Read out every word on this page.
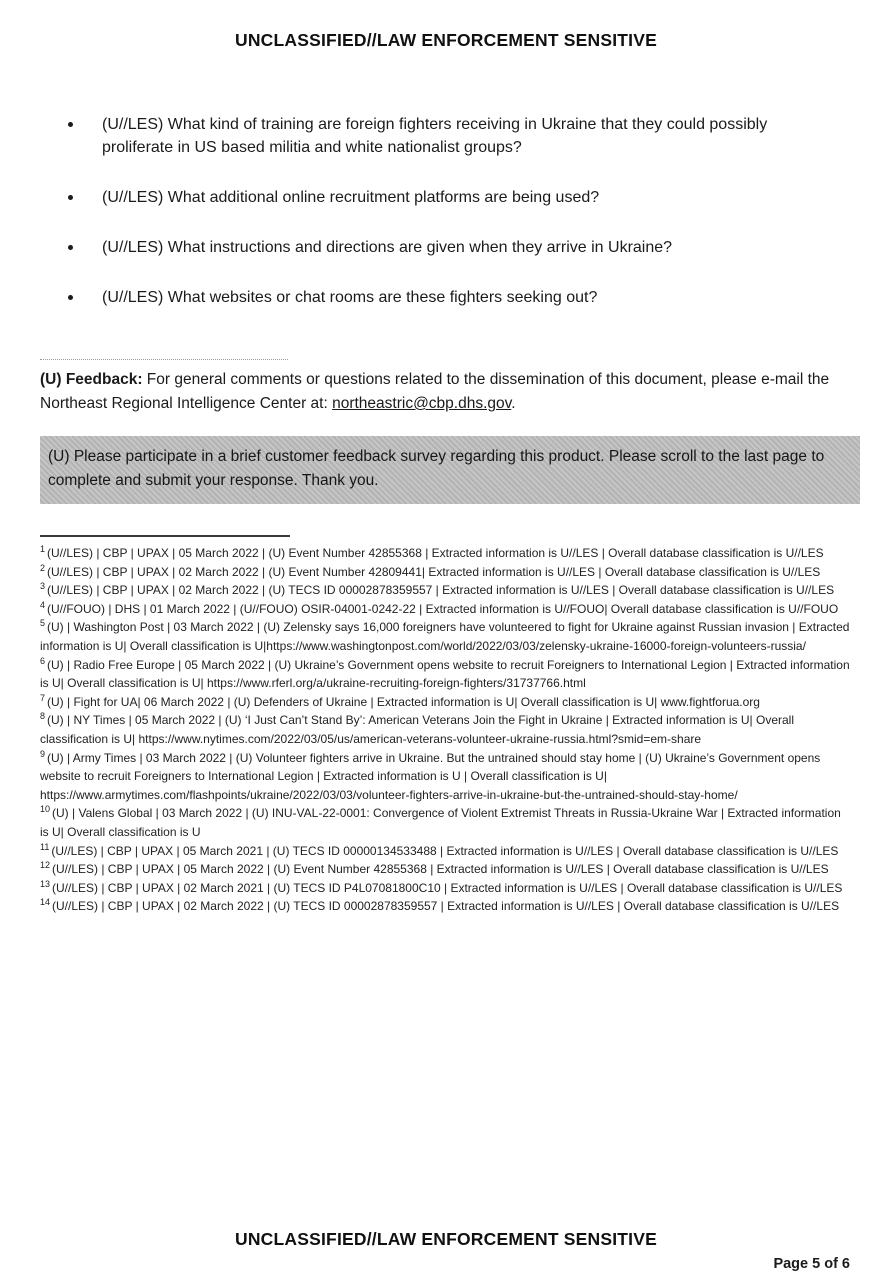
UNCLASSIFIED//LAW ENFORCEMENT SENSITIVE
(U//LES) What kind of training are foreign fighters receiving in Ukraine that they could possibly proliferate in US based militia and white nationalist groups?
(U//LES) What additional online recruitment platforms are being used?
(U//LES) What instructions and directions are given when they arrive in Ukraine?
(U//LES) What websites or chat rooms are these fighters seeking out?

(U) Feedback: For general comments or questions related to the dissemination of this document, please e-mail the Northeast Regional Intelligence Center at: northeastric@cbp.dhs.gov.

(U) Please participate in a brief customer feedback survey regarding this product. Please scroll to the last page to complete and submit your response. Thank you.
$^1$ (U//LES) | CBP | UPAX | 05 March 2022 | (U) Event Number 42855368 | Extracted information is U//LES | Overall database classification is U//LES
$^2$ (U//LES) | CBP | UPAX | 02 March 2022 | (U) Event Number 42809441| Extracted information is U//LES | Overall database classification is U//LES
$^3$ (U//LES) | CBP | UPAX | 02 March 2022 | (U) TECS ID 00002878359557 | Extracted information is U//LES | Overall database classification is U//LES
$^4$ (U//FOUO) | DHS | 01 March 2022 | (U//FOUO) OSIR-04001-0242-22 | Extracted information is U//FOUO| Overall database classification is U//FOUO
$^5$ (U) | Washington Post | 03 March 2022 | (U) Zelensky says 16,000 foreigners have volunteered to fight for Ukraine against Russian invasion | Extracted information is U| Overall classification is U|https://www.washingtonpost.com/world/2022/03/03/zelensky-ukraine-16000-foreign-volunteers-russia/
$^6$ (U) | Radio Free Europe | 05 March 2022 | (U) Ukraine’s Government opens website to recruit Foreigners to International Legion | Extracted information is U| Overall classification is U| https://www.rferl.org/a/ukraine-recruiting-foreign-fighters/31737766.html
$^7$ (U) | Fight for UA| 06 March 2022 | (U) Defenders of Ukraine | Extracted information is U| Overall classification is U| www.fightforua.org
$^8$ (U) | NY Times | 05 March 2022 | (U) ‘I Just Can’t Stand By’: American Veterans Join the Fight in Ukraine | Extracted information is U| Overall classification is U| https://www.nytimes.com/2022/03/05/us/american-veterans-volunteer-ukraine-russia.html?smid=em-share
$^9$ (U) | Army Times | 03 March 2022 | (U) Volunteer fighters arrive in Ukraine. But the untrained should stay home | (U) Ukraine’s Government opens website to recruit Foreigners to International Legion | Extracted information is U | Overall classification is U| https://www.armytimes.com/flashpoints/ukraine/2022/03/03/volunteer-fighters-arrive-in-ukraine-but-the-untrained-should-stay-home/
$^{10}$ (U) | Valens Global | 03 March 2022 | (U) INU-VAL-22-0001: Convergence of Violent Extremist Threats in Russia-Ukraine War | Extracted information is U| Overall classification is U
$^{11}$ (U//LES) | CBP | UPAX | 05 March 2021 | (U) TECS ID 00000134533488 | Extracted information is U//LES | Overall database classification is U//LES
$^{12}$ (U//LES) | CBP | UPAX | 05 March 2022 | (U) Event Number 42855368 | Extracted information is U//LES | Overall database classification is U//LES
$^{13}$ (U//LES) | CBP | UPAX | 02 March 2021 | (U) TECS ID P4L07081800C10 | Extracted information is U//LES | Overall database classification is U//LES
$^{14}$ (U//LES) | CBP | UPAX | 02 March 2022 | (U) TECS ID 00002878359557 | Extracted information is U//LES | Overall database classification is U//LES
UNCLASSIFIED//LAW ENFORCEMENT SENSITIVE
Page 5 of 6
